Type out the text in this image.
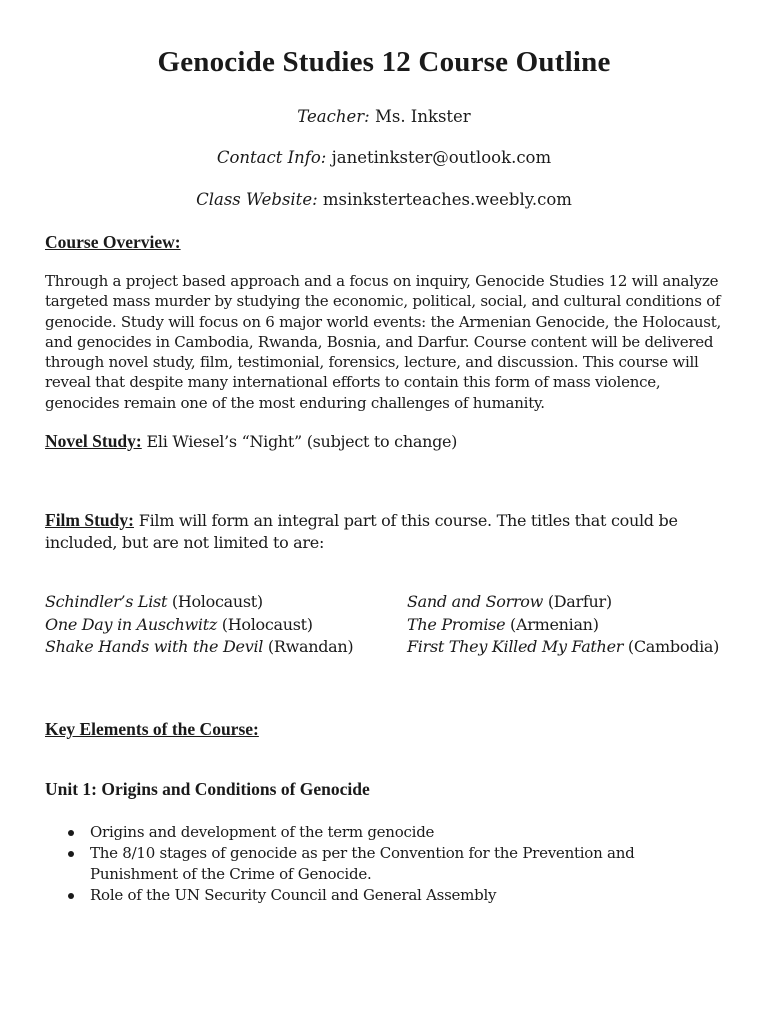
Genocide Studies 12 Course Outline
Teacher: Ms. Inkster
Contact Info: janetinkster@outlook.com
Class Website: msinksterteaches.weebly.com
Course Overview:
Through a project based approach and a focus on inquiry, Genocide Studies 12 will analyze targeted mass murder by studying the economic, political, social, and cultural conditions of genocide. Study will focus on 6 major world events: the Armenian Genocide, the Holocaust, and genocides in Cambodia, Rwanda, Bosnia, and Darfur. Course content will be delivered through novel study, film, testimonial, forensics, lecture, and discussion. This course will reveal that despite many international efforts to contain this form of mass violence, genocides remain one of the most enduring challenges of humanity.
Novel Study: Eli Wiesel’s “Night” (subject to change)
Film Study: Film will form an integral part of this course. The titles that could be included, but are not limited to are:
Schindler’s List (Holocaust)
One Day in Auschwitz (Holocaust)
Shake Hands with the Devil (Rwandan)
Sand and Sorrow (Darfur)
The Promise (Armenian)
First They Killed My Father (Cambodia)
Key Elements of the Course:
Unit 1: Origins and Conditions of Genocide
Origins and development of the term genocide
The 8/10 stages of genocide as per the Convention for the Prevention and Punishment of the Crime of Genocide.
Role of the UN Security Council and General Assembly
